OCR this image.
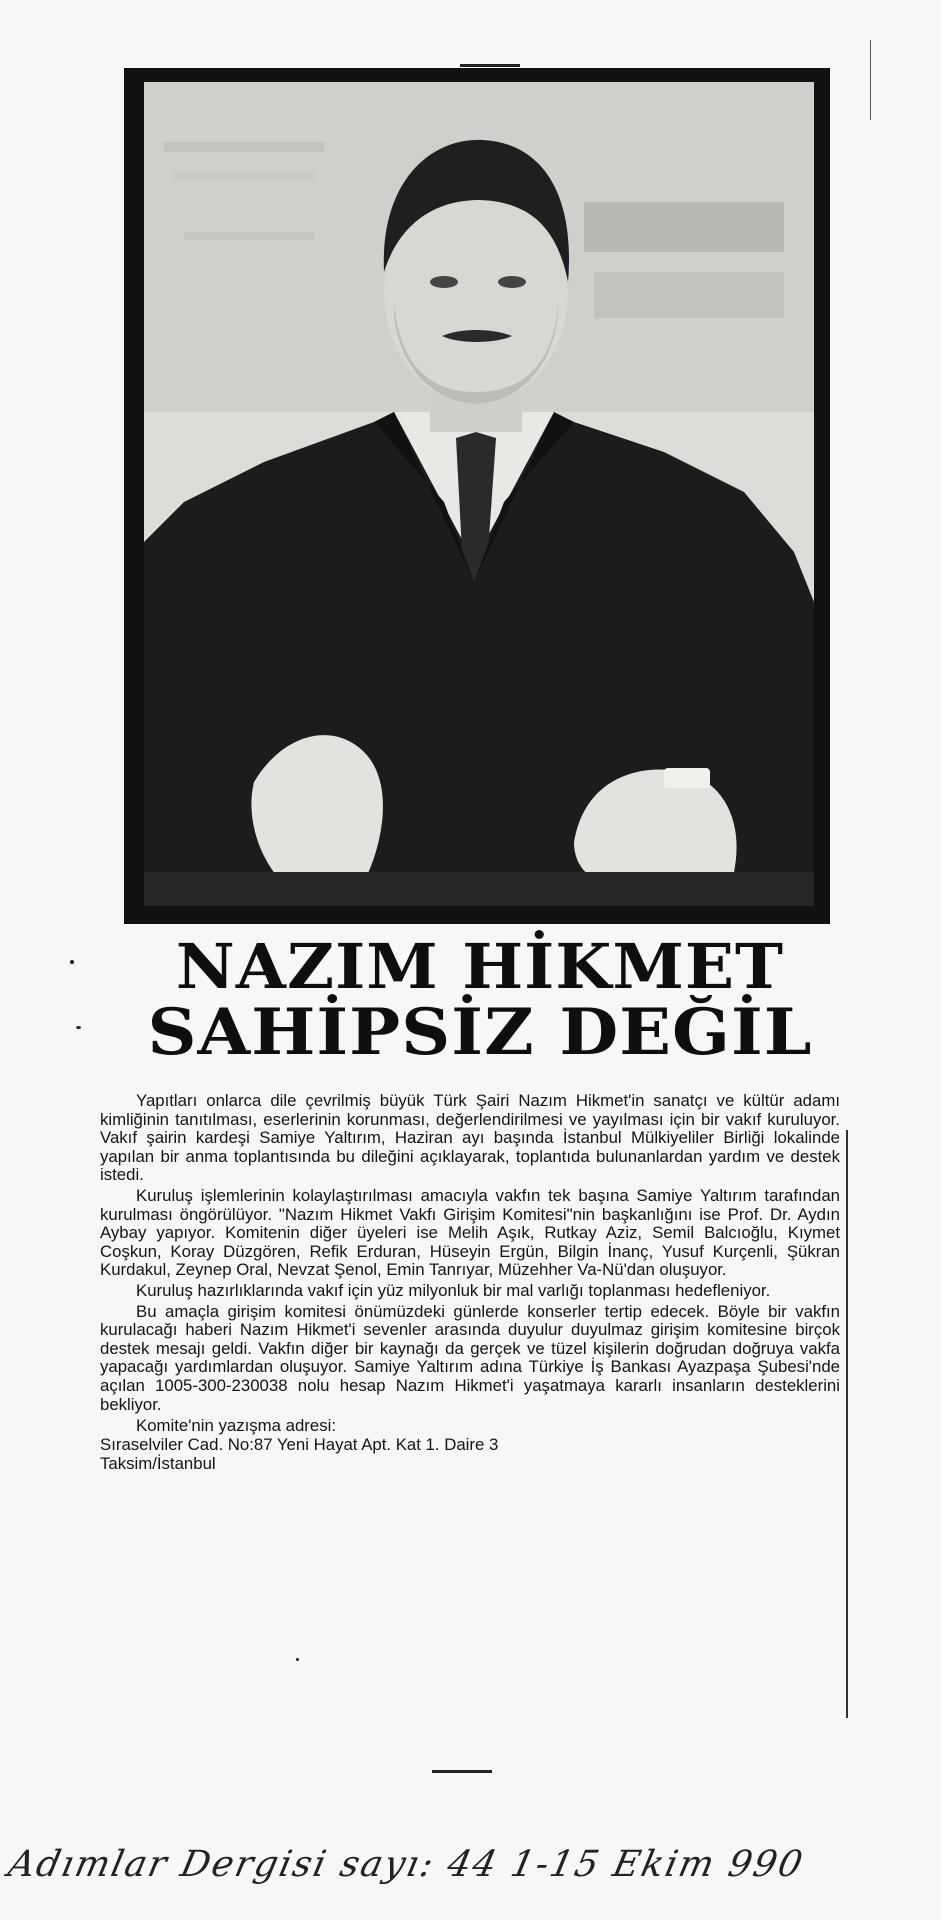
NAZIM HİKMET
SAHİPSİZ DEĞİL

Yapıtları onlarca dile çevrilmiş büyük Türk Şairi Nazım Hikmet'in sanatçı ve kültür adamı kimliğinin tanıtılması, eserlerinin korunması, değerlendirilmesi ve yayılması için bir vakıf kuruluyor. Vakıf şairin kardeşi Samiye Yaltırım, Haziran ayı başında İstanbul Mülkiyeliler Birliği lokalinde yapılan bir anma toplantısında bu dileğini açıklayarak, toplantıda bulunanlardan yardım ve destek istedi.

Kuruluş işlemlerinin kolaylaştırılması amacıyla vakfın tek başına Samiye Yaltırım tarafından kurulması öngörülüyor. "Nazım Hikmet Vakfı Girişim Komitesi"nin başkanlığını ise Prof. Dr. Aydın Aybay yapıyor. Komitenin diğer üyeleri ise Melih Aşık, Rutkay Aziz, Semil Balcıoğlu, Kıymet Coşkun, Koray Düzgören, Refik Erduran, Hüseyin Ergün, Bilgin İnanç, Yusuf Kurçenli, Şükran Kurdakul, Zeynep Oral, Nevzat Şenol, Emin Tanrıyar, Müzehher Va-Nü'dan oluşuyor.

Kuruluş hazırlıklarında vakıf için yüz milyonluk bir mal varlığı toplanması hedefleniyor.

Bu amaçla girişim komitesi önümüzdeki günlerde konserler tertip edecek. Böyle bir vakfın kurulacağı haberi Nazım Hikmet'i sevenler arasında duyulur duyulmaz girişim komitesine birçok destek mesajı geldi. Vakfın diğer bir kaynağı da gerçek ve tüzel kişilerin doğrudan doğruya vakfa yapacağı yardımlardan oluşuyor. Samiye Yaltırım adına Türkiye İş Bankası Ayazpaşa Şubesi'nde açılan 1005-300-230038 nolu hesap Nazım Hikmet'i yaşatmaya kararlı insanların desteklerini bekliyor.

Komite'nin yazışma adresi:
Sıraselviler Cad. No:87 Yeni Hayat Apt. Kat 1. Daire 3
Taksim/İstanbul
Adımlar Dergisi sayı: 44 1-15 Ekim 990
